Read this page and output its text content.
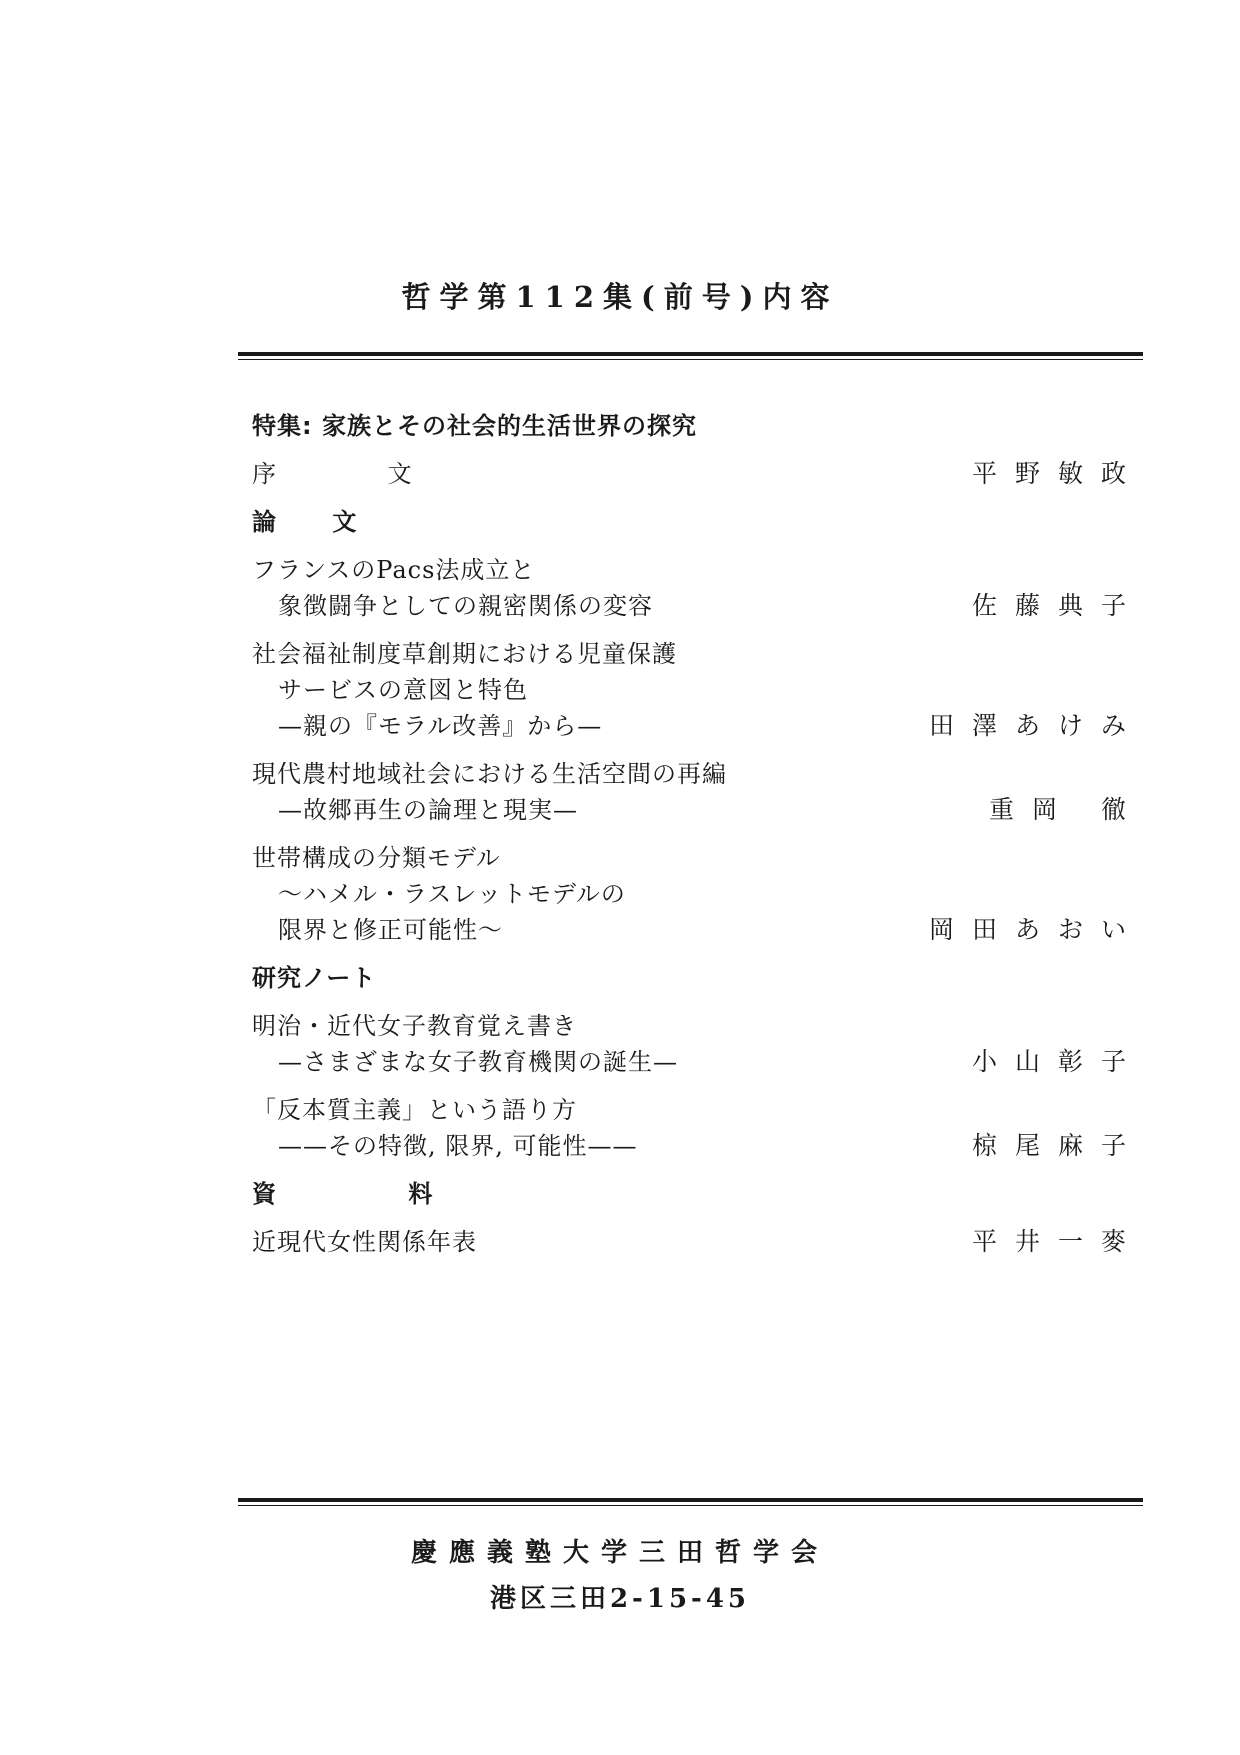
哲学第112集(前号)内容
特集: 家族とその社会的生活世界の探究
序 文	平野敏政
論 文
フランスのPacs法成立と
象徴闘争としての親密関係の変容	佐藤典子
社会福祉制度草創期における児童保護
サービスの意図と特色
—親の『モラル改善』から—	田澤あけみ
現代農村地域社会における生活空間の再編
—故郷再生の論理と現実—	重岡 徹
世帯構成の分類モデル
〜ハメル・ラスレットモデルの
限界と修正可能性〜	岡田あおい
研究ノート
明治・近代女子教育覚え書き
—さまざまな女子教育機関の誕生—	小山彰子
「反本質主義」という語り方
——その特徴, 限界, 可能性——	椋尾麻子
資 料
近現代女性関係年表	平井一麥
慶應義塾大学三田哲学会
港区三田2-15-45
